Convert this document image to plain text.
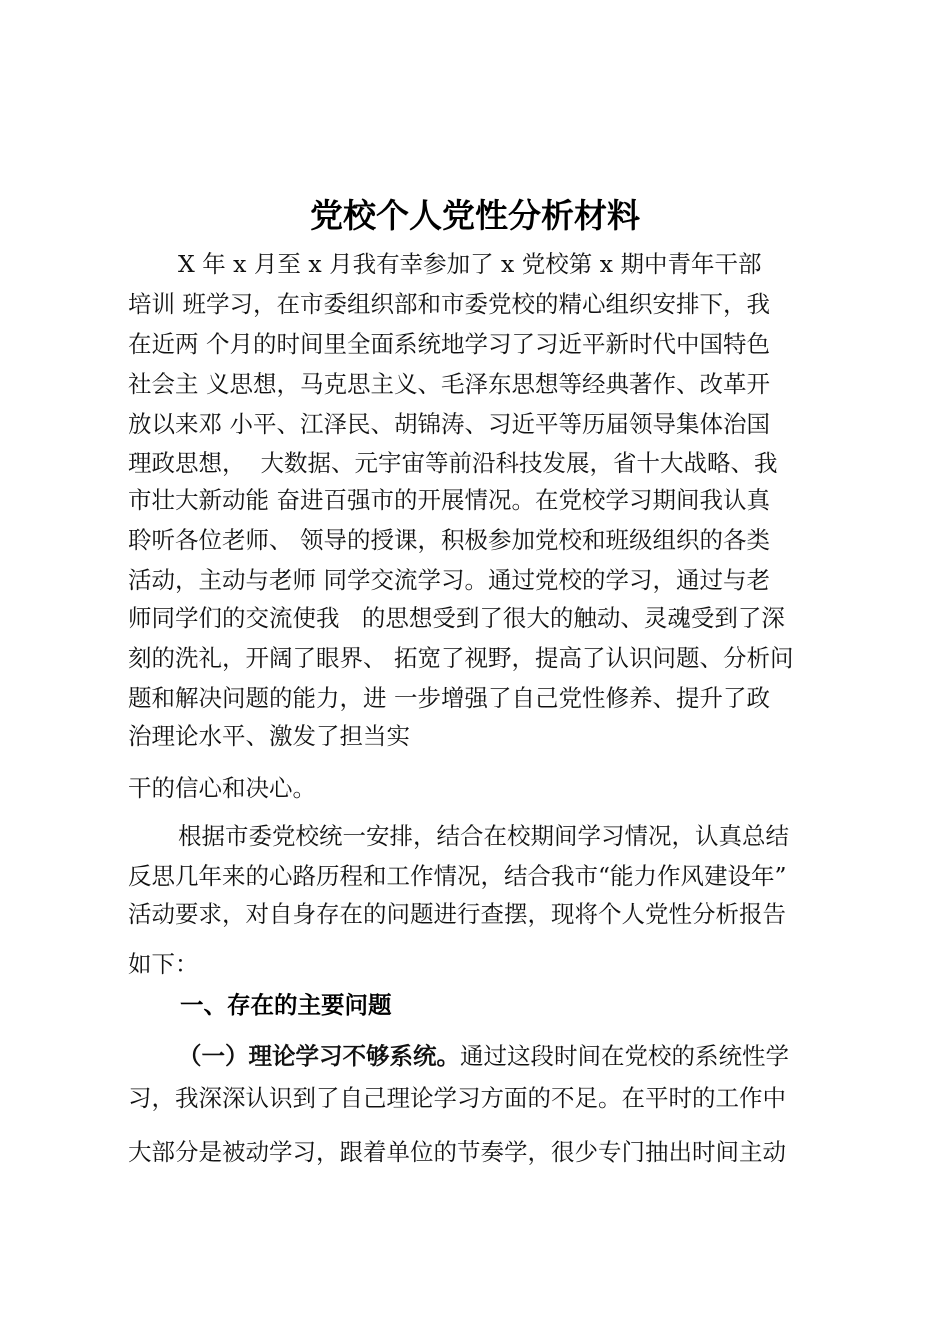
党校个人党性分析材料
X 年 x 月至 x 月我有幸参加了 x 党校第 x 期中青年干部
培训 班学习，在市委组织部和市委党校的精心组织安排下，我
在近两 个月的时间里全面系统地学习了习近平新时代中国特色
社会主 义思想，马克思主义、毛泽东思想等经典著作、改革开
放以来邓 小平、江泽民、胡锦涛、习近平等历届领导集体治国
理政思想，  大数据、元宇宙等前沿科技发展，省十大战略、我
市壮大新动能 奋进百强市的开展情况。在党校学习期间我认真
聆听各位老师、 领导的授课，积极参加党校和班级组织的各类
活动，主动与老师 同学交流学习。通过党校的学习，通过与老
师同学们的交流使我   的思想受到了很大的触动、灵魂受到了深
刻的洗礼，开阔了眼界、 拓宽了视野，提高了认识问题、分析问
题和解决问题的能力，进 一步增强了自己党性修养、提升了政
治理论水平、激发了担当实
干的信心和决心。
根据市委党校统一安排，结合在校期间学习情况，认真总结
反思几年来的心路历程和工作情况，结合我市“能力作风建设年”
活动要求，对自身存在的问题进行查摆，现将个人党性分析报告
如下：
一、存在的主要问题
（一）理论学习不够系统。通过这段时间在党校的系统性学
习，我深深认识到了自己理论学习方面的不足。在平时的工作中
大部分是被动学习，跟着单位的节奏学，很少专门抽出时间主动
